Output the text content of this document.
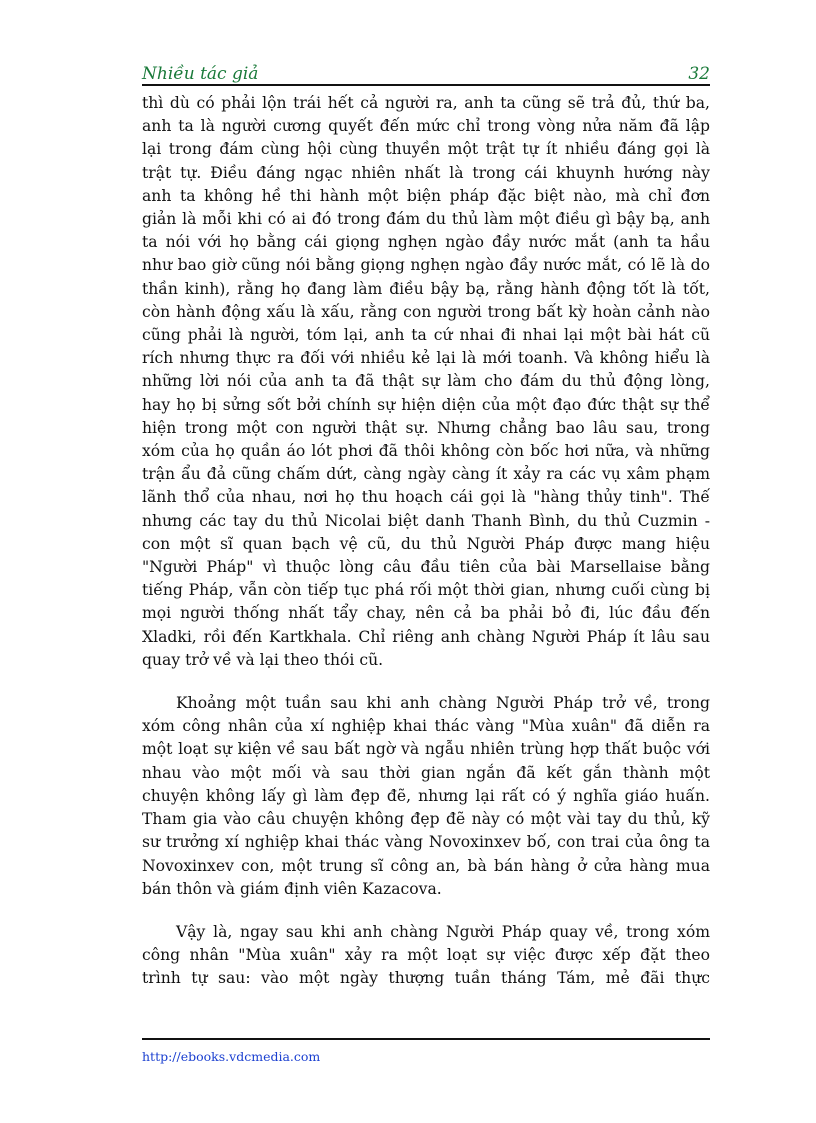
Nhiều tác giả	32

thì dù có phải lộn trái hết cả người ra, anh ta cũng sẽ trả đủ, thứ ba,
anh ta là người cương quyết đến mức chỉ trong vòng nửa năm đã lập
lại trong đám cùng hội cùng thuyền một trật tự ít nhiều đáng gọi là
trật tự. Điều đáng ngạc nhiên nhất là trong cái khuynh hướng này
anh ta không hề thi hành một biện pháp đặc biệt nào, mà chỉ đơn
giản là mỗi khi có ai đó trong đám du thủ làm một điều gì bậy bạ, anh
ta nói với họ bằng cái giọng nghẹn ngào đầy nước mắt (anh ta hầu
như bao giờ cũng nói bằng giọng nghẹn ngào đầy nước mắt, có lẽ là do
thần kinh), rằng họ đang làm điều bậy bạ, rằng hành động tốt là tốt,
còn hành động xấu là xấu, rằng con người trong bất kỳ hoàn cảnh nào
cũng phải là người, tóm lại, anh ta cứ nhai đi nhai lại một bài hát cũ
rích nhưng thực ra đối với nhiều kẻ lại là mới toanh. Và không hiểu là
những lời nói của anh ta đã thật sự làm cho đám du thủ động lòng,
hay họ bị sửng sốt bởi chính sự hiện diện của một đạo đức thật sự thể
hiện trong một con người thật sự. Nhưng chẳng bao lâu sau, trong
xóm của họ quần áo lót phơi đã thôi không còn bốc hơi nữa, và những
trận ẩu đả cũng chấm dứt, càng ngày càng ít xảy ra các vụ xâm phạm
lãnh thổ của nhau, nơi họ thu hoạch cái gọi là "hàng thủy tinh". Thế
nhưng các tay du thủ Nicolai biệt danh Thanh Bình, du thủ Cuzmin -
con một sĩ quan bạch vệ cũ, du thủ Người Pháp được mang hiệu
"Người Pháp" vì thuộc lòng câu đầu tiên của bài Marsellaise bằng
tiếng Pháp, vẫn còn tiếp tục phá rối một thời gian, nhưng cuối cùng bị
mọi người thống nhất tẩy chay, nên cả ba phải bỏ đi, lúc đầu đến
Xladki, rồi đến Kartkhala. Chỉ riêng anh chàng Người Pháp ít lâu sau
quay trở về và lại theo thói cũ.

Khoảng một tuần sau khi anh chàng Người Pháp trở về, trong
xóm công nhân của xí nghiệp khai thác vàng "Mùa xuân" đã diễn ra
một loạt sự kiện về sau bất ngờ và ngẫu nhiên trùng hợp thất buộc với
nhau vào một mối và sau thời gian ngắn đã kết gắn thành một
chuyện không lấy gì làm đẹp đẽ, nhưng lại rất có ý nghĩa giáo huấn.
Tham gia vào câu chuyện không đẹp đẽ này có một vài tay du thủ, kỹ
sư trưởng xí nghiệp khai thác vàng Novoxinxev bố, con trai của ông ta
Novoxinxev con, một trung sĩ công an, bà bán hàng ở cửa hàng mua
bán thôn và giám định viên Kazacova.

Vậy là, ngay sau khi anh chàng Người Pháp quay về, trong xóm
công nhân "Mùa xuân" xảy ra một loạt sự việc được xếp đặt theo
trình tự sau: vào một ngày thượng tuần tháng Tám, mẻ đãi thực

http://ebooks.vdcmedia.com
